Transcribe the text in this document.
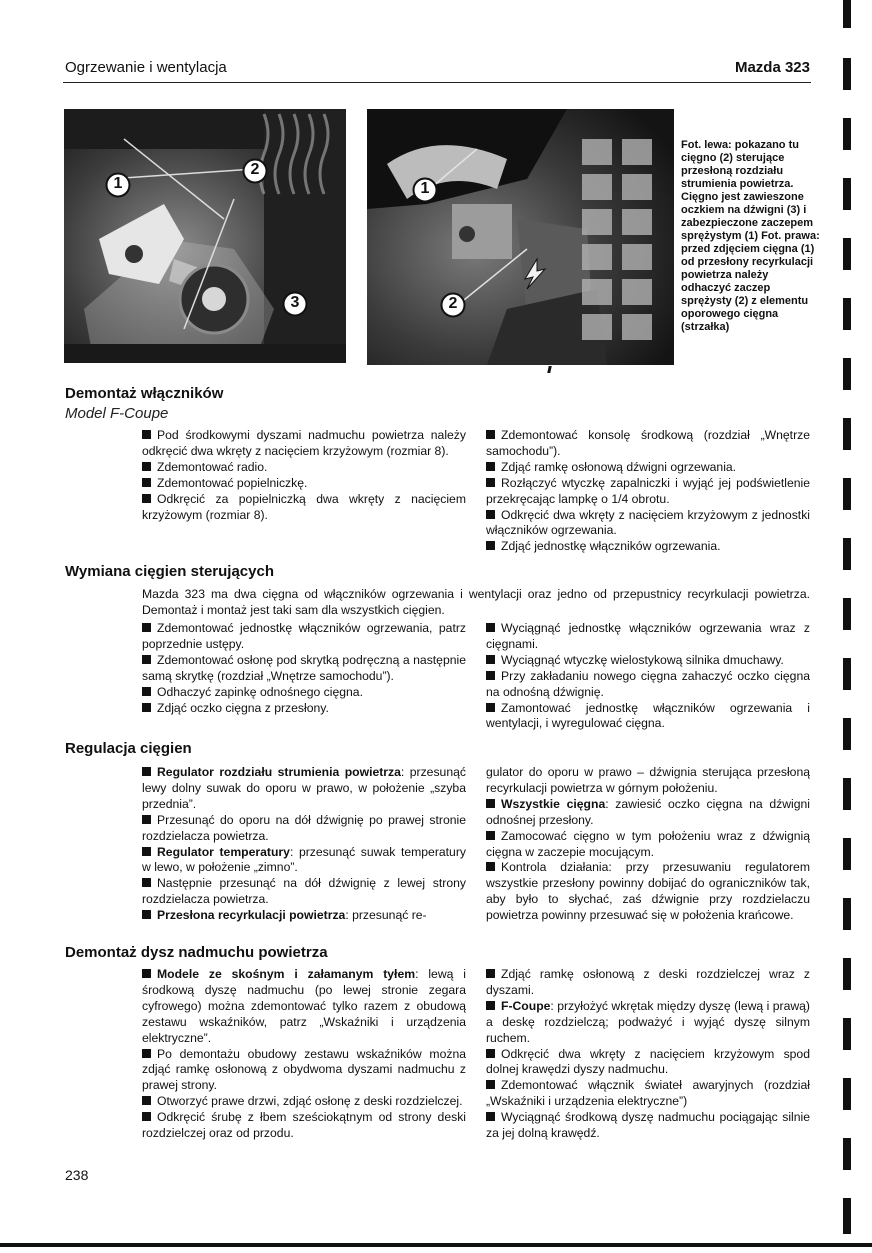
Ogrzewanie i wentylacja	Mazda 323
1
2
3
1
2
Fot. lewa: pokazano tu cięgno (2) sterujące przesłoną rozdziału strumienia powietrza. Cięgno jest zawieszone oczkiem na dźwigni (3) i zabezpieczone zaczepem sprężystym (1) Fot. prawa: przed zdjęciem cięgna (1) od przesłony recyrkulacji powietrza należy odhaczyć zaczep sprężysty (2) z elementu oporowego cięgna (strzałka)
Demontaż włączników
Model F-Coupe

Pod środkowymi dyszami nadmuchu powietrza należy odkręcić dwa wkręty z nacięciem krzyżowym (rozmiar 8).

Zdemontować radio.

Zdemontować popielniczkę.

Odkręcić za popielniczką dwa wkręty z nacięciem krzyżowym (rozmiar 8).

Zdemontować konsolę środkową (rozdział „Wnętrze samochodu”).

Zdjąć ramkę osłonową dźwigni ogrzewania.

Rozłączyć wtyczkę zapalniczki i wyjąć jej podświetlenie przekręcając lampkę o 1/4 obrotu.

Odkręcić dwa wkręty z nacięciem krzyżowym z jednostki włączników ogrzewania.

Zdjąć jednostkę włączników ogrzewania.

Wymiana cięgien sterujących

Mazda 323 ma dwa cięgna od włączników ogrzewania i wentylacji oraz jedno od przepustnicy recyrkulacji powietrza. Demontaż i montaż jest taki sam dla wszystkich cięgien.

Zdemontować jednostkę włączników ogrzewania, patrz poprzednie ustępy.

Zdemontować osłonę pod skrytką podręczną a następnie samą skrytkę (rozdział „Wnętrze samochodu”).

Odhaczyć zapinkę odnośnego cięgna.

Zdjąć oczko cięgna z przesłony.

Wyciągnąć jednostkę włączników ogrzewania wraz z cięgnami.

Wyciągnąć wtyczkę wielostykową silnika dmuchawy.

Przy zakładaniu nowego cięgna zahaczyć oczko cięgna na odnośną dźwignię.

Zamontować jednostkę włączników ogrzewania i wentylacji, i wyregulować cięgna.

Regulacja cięgien

Regulator rozdziału strumienia powietrza: przesunąć lewy dolny suwak do oporu w prawo, w położenie „szyba przednia”.

Przesunąć do oporu na dół dźwignię po prawej stronie rozdzielacza powietrza.

Regulator temperatury: przesunąć suwak temperatury w lewo, w położenie „zimno”.

Następnie przesunąć na dół dźwignię z lewej strony rozdzielacza powietrza.

Przesłona recyrkulacji powietrza: przesunąć re-

gulator do oporu w prawo – dźwignia sterująca przesłoną recyrkulacji powietrza w górnym położeniu.

Wszystkie cięgna: zawiesić oczko cięgna na dźwigni odnośnej przesłony.

Zamocować cięgno w tym położeniu wraz z dźwignią cięgna w zaczepie mocującym.

Kontrola działania: przy przesuwaniu regulatorem wszystkie przesłony powinny dobijać do ograniczników tak, aby było to słychać, zaś dźwignie przy rozdzielaczu powietrza powinny przesuwać się w położenia krańcowe.

Demontaż dysz nadmuchu powietrza

Modele ze skośnym i załamanym tyłem: lewą i środkową dyszę nadmuchu (po lewej stronie zegara cyfrowego) można zdemontować tylko razem z obudową zestawu wskaźników, patrz „Wskaźniki i urządzenia elektryczne”.

Po demontażu obudowy zestawu wskaźników można zdjąć ramkę osłonową z obydwoma dyszami nadmuchu z prawej strony.

Otworzyć prawe drzwi, zdjąć osłonę z deski rozdzielczej.

Odkręcić śrubę z łbem sześciokątnym od strony deski rozdzielczej oraz od przodu.

Zdjąć ramkę osłonową z deski rozdzielczej wraz z dyszami.

F-Coupe: przyłożyć wkrętak między dyszę (lewą i prawą) a deskę rozdzielczą; podważyć i wyjąć dyszę silnym ruchem.

Odkręcić dwa wkręty z nacięciem krzyżowym spod dolnej krawędzi dyszy nadmuchu.

Zdemontować włącznik świateł awaryjnych (rozdział „Wskaźniki i urządzenia elektryczne”)

Wyciągnąć środkową dyszę nadmuchu pociągając silnie za jej dolną krawędź.

238
